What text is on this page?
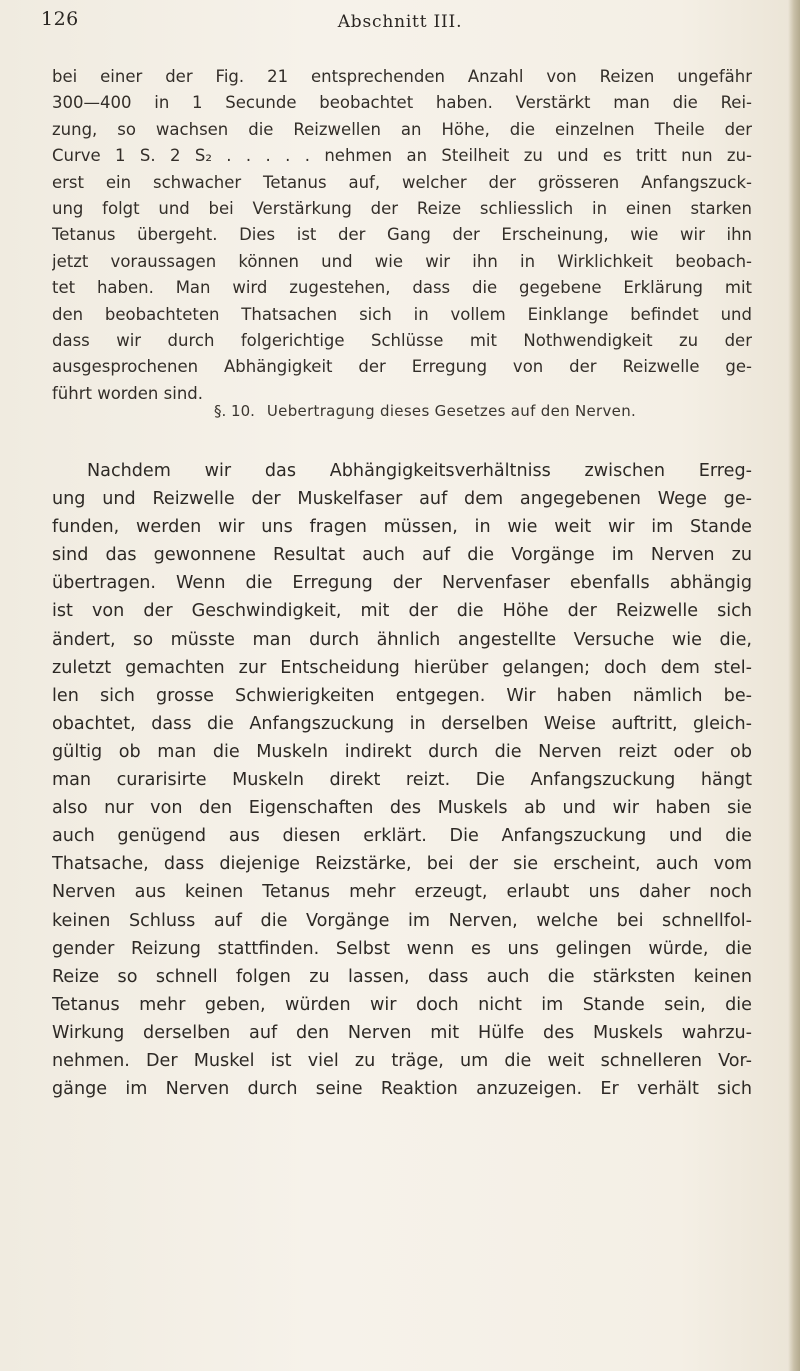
126	Abschnitt III.
bei einer der Fig. 21 entsprechenden Anzahl von Reizen ungefähr
300—400 in 1 Secunde beobachtet haben. Verstärkt man die Rei-
zung, so wachsen die Reizwellen an Höhe, die einzelnen Theile der
Curve 1 S. 2 S₂ . . . . . nehmen an Steilheit zu und es tritt nun zu-
erst ein schwacher Tetanus auf, welcher der grösseren Anfangszuck-
ung folgt und bei Verstärkung der Reize schliesslich in einen starken
Tetanus übergeht. Dies ist der Gang der Erscheinung, wie wir ihn
jetzt voraussagen können und wie wir ihn in Wirklichkeit beobach-
tet haben. Man wird zugestehen, dass die gegebene Erklärung mit
den beobachteten Thatsachen sich in vollem Einklange befindet und
dass wir durch folgerichtige Schlüsse mit Nothwendigkeit zu der
ausgesprochenen Abhängigkeit der Erregung von der Reizwelle ge-
führt worden sind.
§. 10. Uebertragung dieses Gesetzes auf den Nerven.
Nachdem wir das Abhängigkeitsverhältniss zwischen Erreg-
ung und Reizwelle der Muskelfaser auf dem angegebenen Wege ge-
funden, werden wir uns fragen müssen, in wie weit wir im Stande
sind das gewonnene Resultat auch auf die Vorgänge im Nerven zu
übertragen. Wenn die Erregung der Nervenfaser ebenfalls abhängig
ist von der Geschwindigkeit, mit der die Höhe der Reizwelle sich
ändert, so müsste man durch ähnlich angestellte Versuche wie die,
zuletzt gemachten zur Entscheidung hierüber gelangen; doch dem stel-
len sich grosse Schwierigkeiten entgegen. Wir haben nämlich be-
obachtet, dass die Anfangszuckung in derselben Weise auftritt, gleich-
gültig ob man die Muskeln indirekt durch die Nerven reizt oder ob
man curarisirte Muskeln direkt reizt. Die Anfangszuckung hängt
also nur von den Eigenschaften des Muskels ab und wir haben sie
auch genügend aus diesen erklärt. Die Anfangszuckung und die
Thatsache, dass diejenige Reizstärke, bei der sie erscheint, auch vom
Nerven aus keinen Tetanus mehr erzeugt, erlaubt uns daher noch
keinen Schluss auf die Vorgänge im Nerven, welche bei schnellfol-
gender Reizung stattfinden. Selbst wenn es uns gelingen würde, die
Reize so schnell folgen zu lassen, dass auch die stärksten keinen
Tetanus mehr geben, würden wir doch nicht im Stande sein, die
Wirkung derselben auf den Nerven mit Hülfe des Muskels wahrzu-
nehmen. Der Muskel ist viel zu träge, um die weit schnelleren Vor-
gänge im Nerven durch seine Reaktion anzuzeigen. Er verhält sich
